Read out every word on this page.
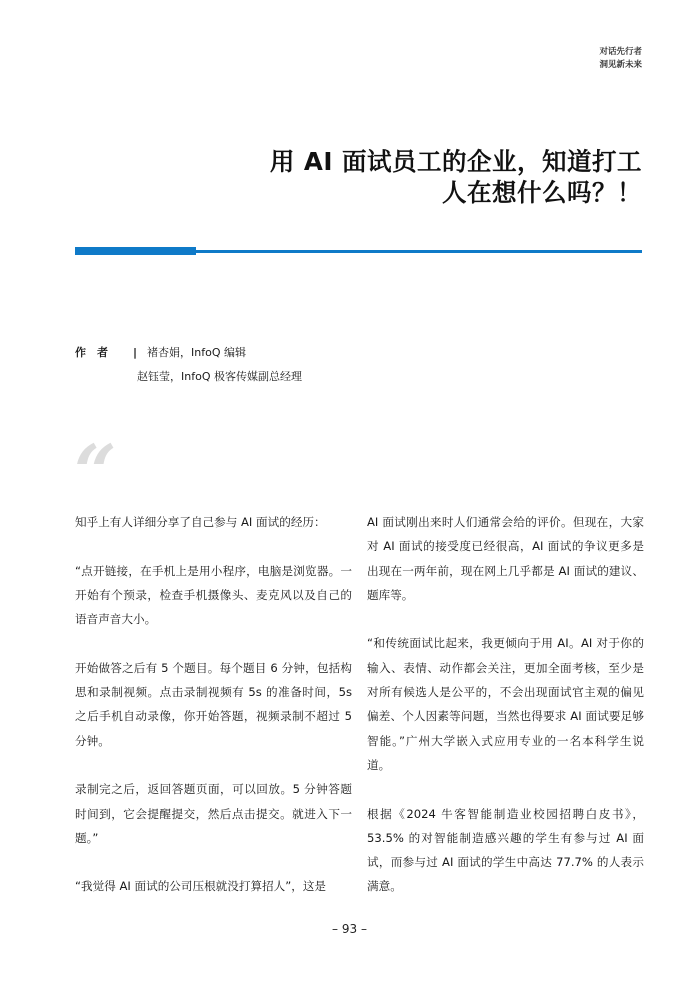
对话先行者
洞见新未来
用 AI 面试员工的企业，知道打工
人在想什么吗？！
作　者 | 褚杏娟，InfoQ 编辑
赵钰莹，InfoQ 极客传媒副总经理
“

知乎上有人详细分享了自己参与 AI 面试的经历：

“点开链接，在手机上是用小程序，电脑是浏览器。一开始有个预录，检查手机摄像头、麦克风以及自己的语音声音大小。

开始做答之后有 5 个题目。每个题目 6 分钟，包括构思和录制视频。点击录制视频有 5s 的准备时间，5s 之后手机自动录像，你开始答题，视频录制不超过 5 分钟。

录制完之后，返回答题页面，可以回放。5 分钟答题时间到，它会提醒提交，然后点击提交。就进入下一题。”

“我觉得 AI 面试的公司压根就没打算招人”，这是

AI 面试刚出来时人们通常会给的评价。但现在，大家对 AI 面试的接受度已经很高，AI 面试的争议更多是出现在一两年前，现在网上几乎都是 AI 面试的建议、题库等。

“和传统面试比起来，我更倾向于用 AI。AI 对于你的输入、表情、动作都会关注，更加全面考核，至少是对所有候选人是公平的，不会出现面试官主观的偏见偏差、个人因素等问题，当然也得要求 AI 面试要足够智能。”广州大学嵌入式应用专业的一名本科学生说道。

根据《2024 牛客智能制造业校园招聘白皮书》，53.5% 的对智能制造感兴趣的学生有参与过 AI 面试，而参与过 AI 面试的学生中高达 77.7% 的人表示满意。

– 93 –
